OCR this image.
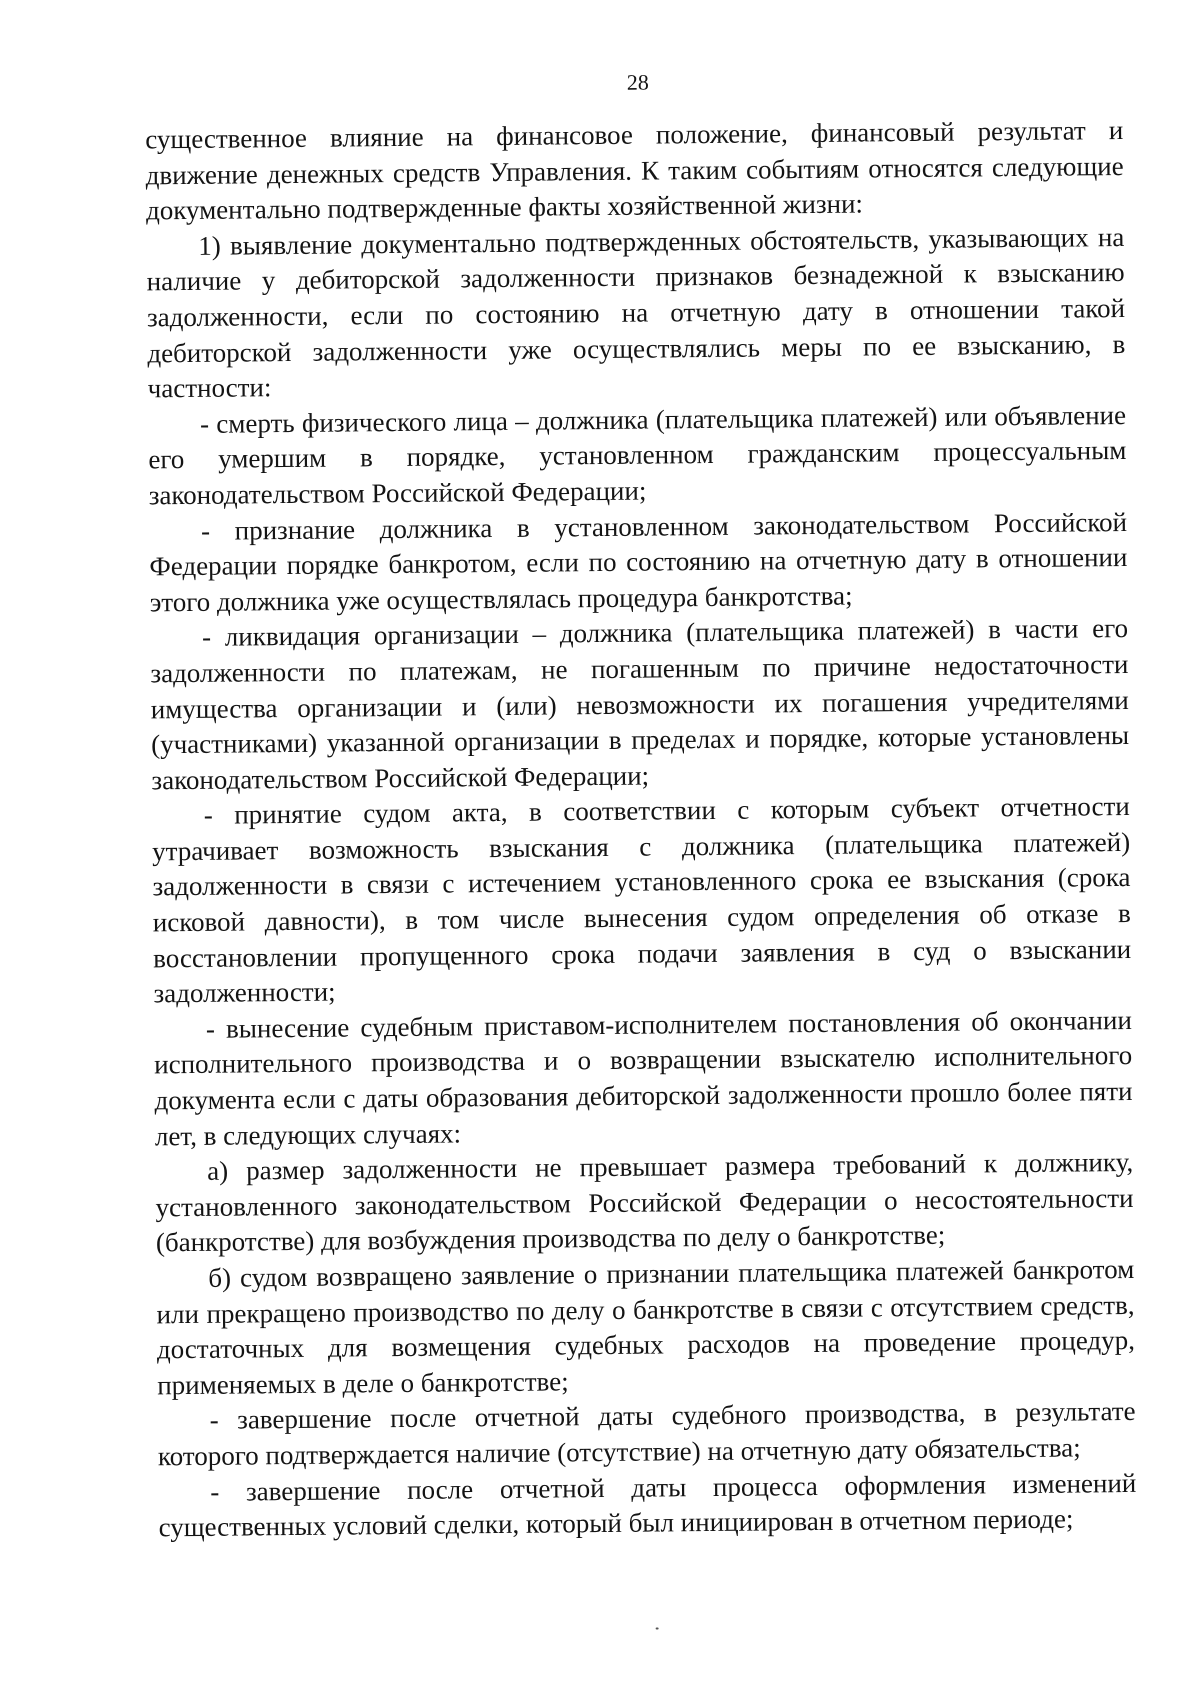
28

существенное влияние на финансовое положение, финансовый результат и движение денежных средств Управления. К таким событиям относятся следующие документально подтвержденные факты хозяйственной жизни:

1) выявление документально подтвержденных обстоятельств, указывающих на наличие у дебиторской задолженности признаков безнадежной к взысканию задолженности, если по состоянию на отчетную дату в отношении такой дебиторской задолженности уже осуществлялись меры по ее взысканию, в частности:

- смерть физического лица – должника (плательщика платежей) или объявление его умершим в порядке, установленном гражданским процессуальным законодательством Российской Федерации;

- признание должника в установленном законодательством Российской Федерации порядке банкротом, если по состоянию на отчетную дату в отношении этого должника уже осуществлялась процедура банкротства;

- ликвидация организации – должника (плательщика платежей) в части его задолженности по платежам, не погашенным по причине недостаточности имущества организации и (или) невозможности их погашения учредителями (участниками) указанной организации в пределах и порядке, которые установлены законодательством Российской Федерации;

- принятие судом акта, в соответствии с которым субъект отчетности утрачивает возможность взыскания с должника (плательщика платежей) задолженности в связи с истечением установленного срока ее взыскания (срока исковой давности), в том числе вынесения судом определения об отказе в восстановлении пропущенного срока подачи заявления в суд о взыскании задолженности;

- вынесение судебным приставом-исполнителем постановления об окончании исполнительного производства и о возвращении взыскателю исполнительного документа если с даты образования дебиторской задолженности прошло более пяти лет, в следующих случаях:

а) размер задолженности не превышает размера требований к должнику, установленного законодательством Российской Федерации о несостоятельности (банкротстве) для возбуждения производства по делу о банкротстве;

б) судом возвращено заявление о признании плательщика платежей банкротом или прекращено производство по делу о банкротстве в связи с отсутствием средств, достаточных для возмещения судебных расходов на проведение процедур, применяемых в деле о банкротстве;

- завершение после отчетной даты судебного производства, в результате которого подтверждается наличие (отсутствие) на отчетную дату обязательства;

- завершение после отчетной даты процесса оформления изменений существенных условий сделки, который был инициирован в отчетном периоде;
